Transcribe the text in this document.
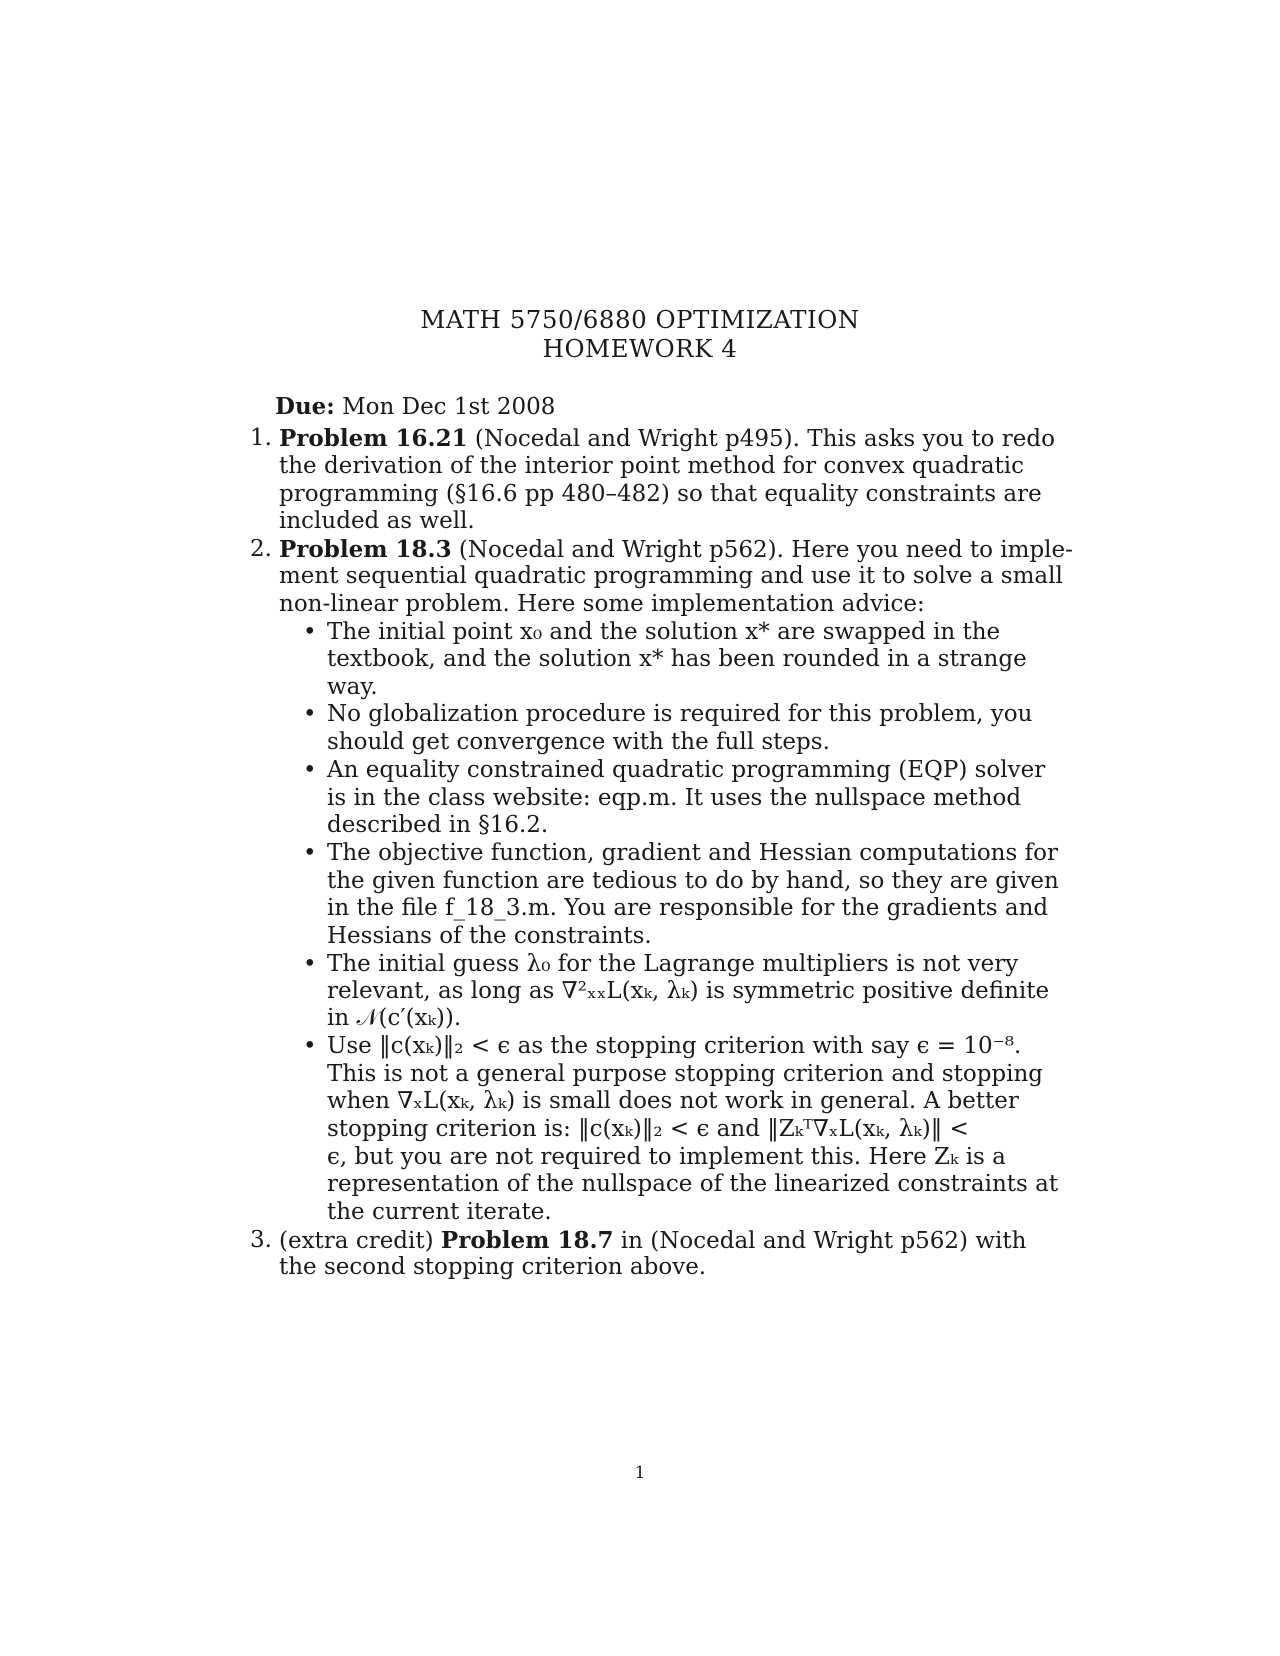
MATH 5750/6880 OPTIMIZATION
HOMEWORK 4
Due: Mon Dec 1st 2008
1. Problem 16.21 (Nocedal and Wright p495). This asks you to redo
the derivation of the interior point method for convex quadratic
programming (§16.6 pp 480–482) so that equality constraints are
included as well.
2. Problem 18.3 (Nocedal and Wright p562). Here you need to imple-
ment sequential quadratic programming and use it to solve a small
non-linear problem. Here some implementation advice:
• The initial point x₀ and the solution x* are swapped in the
textbook, and the solution x* has been rounded in a strange
way.
• No globalization procedure is required for this problem, you
should get convergence with the full steps.
• An equality constrained quadratic programming (EQP) solver
is in the class website: eqp.m. It uses the nullspace method
described in §16.2.
• The objective function, gradient and Hessian computations for
the given function are tedious to do by hand, so they are given
in the file f_18_3.m. You are responsible for the gradients and
Hessians of the constraints.
• The initial guess λ₀ for the Lagrange multipliers is not very
relevant, as long as ∇²ₓₓL(xₖ, λₖ) is symmetric positive definite
in 𝒩(c′(xₖ)).
• Use ‖c(xₖ)‖₂ < ϵ as the stopping criterion with say ϵ = 10⁻⁸.
This is not a general purpose stopping criterion and stopping
when ∇ₓL(xₖ, λₖ) is small does not work in general. A better
stopping criterion is: ‖c(xₖ)‖₂ < ϵ and ‖Zₖᵀ∇ₓL(xₖ, λₖ)‖ <
ϵ, but you are not required to implement this. Here Zₖ is a
representation of the nullspace of the linearized constraints at
the current iterate.
3. (extra credit) Problem 18.7 in (Nocedal and Wright p562) with
the second stopping criterion above.
1
